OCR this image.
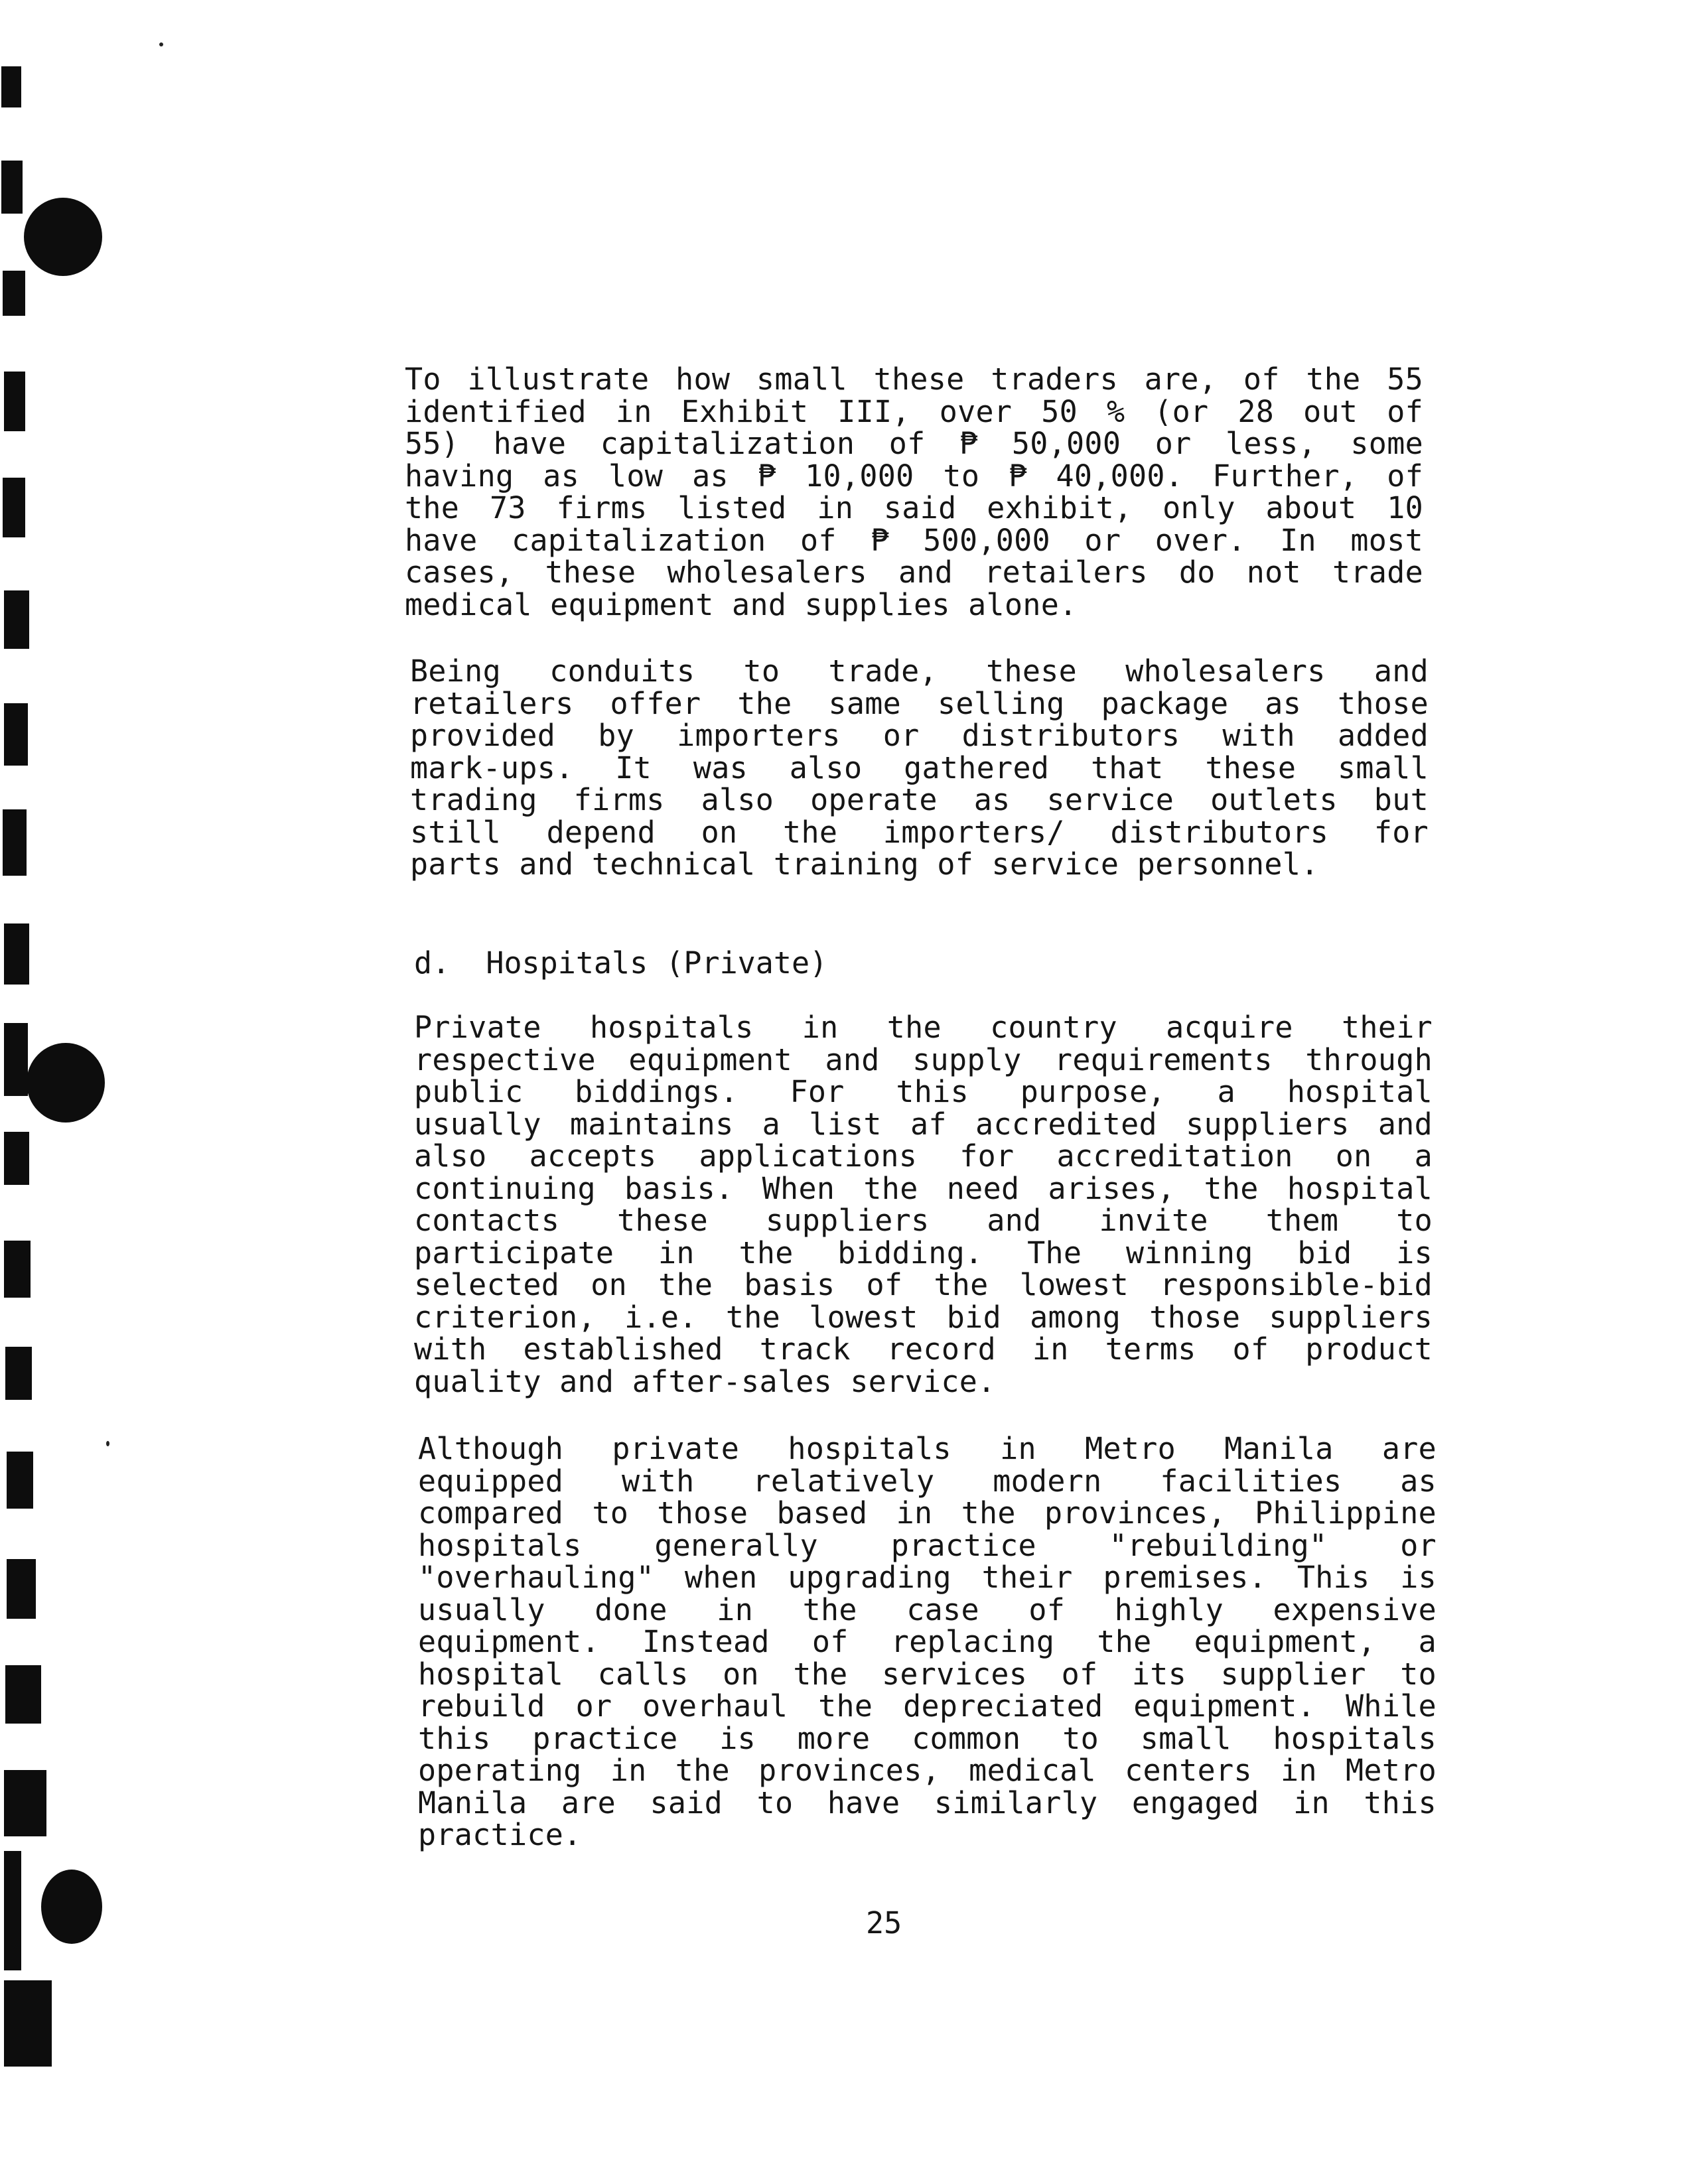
To illustrate how small these traders are, of the 55
identified in Exhibit III, over 50 % (or 28 out of
55) have capitalization of ₱ 50,000 or less, some
having as low as ₱ 10,000 to ₱ 40,000. Further, of
the 73 firms listed in said exhibit, only about 10
have capitalization of ₱ 500,000 or over. In most
cases, these wholesalers and retailers do not trade
medical equipment and supplies alone.
Being conduits to trade, these wholesalers and
retailers offer the same selling package as those
provided by importers or distributors with added
mark-ups. It was also gathered that these small
trading firms also operate as service outlets but
still depend on the importers/ distributors for
parts and technical training of service personnel.
d.  Hospitals (Private)
Private hospitals in the country acquire their
respective equipment and supply requirements through
public biddings. For this purpose, a hospital
usually maintains a list af accredited suppliers and
also accepts applications for accreditation on a
continuing basis. When the need arises, the hospital
contacts these suppliers and invite them to
participate in the bidding. The winning bid is
selected on the basis of the lowest responsible-bid
criterion, i.e. the lowest bid among those suppliers
with established track record in terms of product
quality and after-sales service.
Although private hospitals in Metro Manila are
equipped with relatively modern facilities as
compared to those based in the provinces, Philippine
hospitals generally practice "rebuilding" or
"overhauling" when upgrading their premises. This is
usually done in the case of highly expensive
equipment. Instead of replacing the equipment, a
hospital calls on the services of its supplier to
rebuild or overhaul the depreciated equipment. While
this practice is more common to small hospitals
operating in the provinces, medical centers in Metro
Manila are said to have similarly engaged in this
practice.
25
